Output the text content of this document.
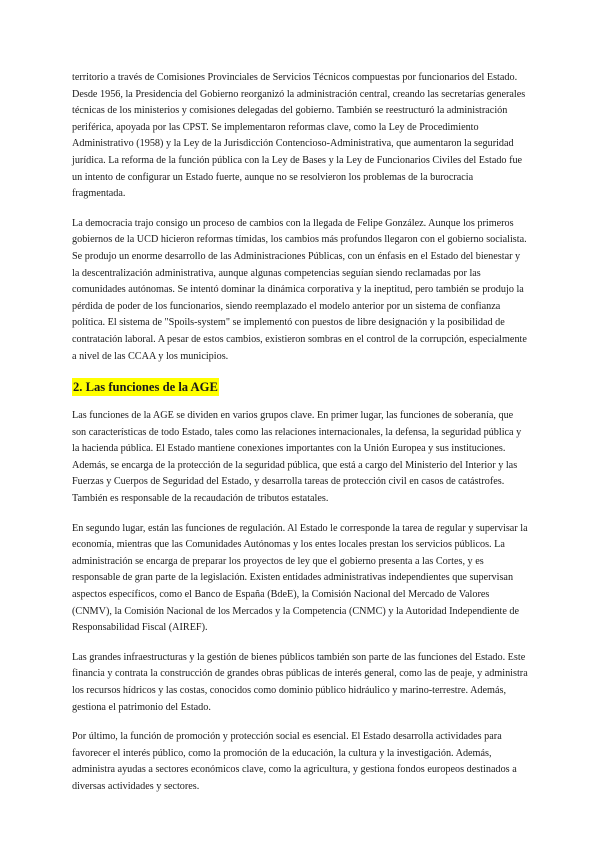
territorio a través de Comisiones Provinciales de Servicios Técnicos compuestas por funcionarios del Estado. Desde 1956, la Presidencia del Gobierno reorganizó la administración central, creando las secretarías generales técnicas de los ministerios y comisiones delegadas del gobierno. También se reestructuró la administración periférica, apoyada por las CPST. Se implementaron reformas clave, como la Ley de Procedimiento Administrativo (1958) y la Ley de la Jurisdicción Contencioso-Administrativa, que aumentaron la seguridad jurídica. La reforma de la función pública con la Ley de Bases y la Ley de Funcionarios Civiles del Estado fue un intento de configurar un Estado fuerte, aunque no se resolvieron los problemas de la burocracia fragmentada.

La democracia trajo consigo un proceso de cambios con la llegada de Felipe González. Aunque los primeros gobiernos de la UCD hicieron reformas tímidas, los cambios más profundos llegaron con el gobierno socialista. Se produjo un enorme desarrollo de las Administraciones Públicas, con un énfasis en el Estado del bienestar y la descentralización administrativa, aunque algunas competencias seguían siendo reclamadas por las comunidades autónomas. Se intentó dominar la dinámica corporativa y la ineptitud, pero también se produjo la pérdida de poder de los funcionarios, siendo reemplazado el modelo anterior por un sistema de confianza política. El sistema de "Spoils-system" se implementó con puestos de libre designación y la posibilidad de contratación laboral. A pesar de estos cambios, existieron sombras en el control de la corrupción, especialmente a nivel de las CCAA y los municipios.

2. Las funciones de la AGE

Las funciones de la AGE se dividen en varios grupos clave. En primer lugar, las funciones de soberanía, que son características de todo Estado, tales como las relaciones internacionales, la defensa, la seguridad pública y la hacienda pública. El Estado mantiene conexiones importantes con la Unión Europea y sus instituciones. Además, se encarga de la protección de la seguridad pública, que está a cargo del Ministerio del Interior y las Fuerzas y Cuerpos de Seguridad del Estado, y desarrolla tareas de protección civil en casos de catástrofes. También es responsable de la recaudación de tributos estatales.

En segundo lugar, están las funciones de regulación. Al Estado le corresponde la tarea de regular y supervisar la economía, mientras que las Comunidades Autónomas y los entes locales prestan los servicios públicos. La administración se encarga de preparar los proyectos de ley que el gobierno presenta a las Cortes, y es responsable de gran parte de la legislación. Existen entidades administrativas independientes que supervisan aspectos específicos, como el Banco de España (BdeE), la Comisión Nacional del Mercado de Valores (CNMV), la Comisión Nacional de los Mercados y la Competencia (CNMC) y la Autoridad Independiente de Responsabilidad Fiscal (AIREF).

Las grandes infraestructuras y la gestión de bienes públicos también son parte de las funciones del Estado. Este financia y contrata la construcción de grandes obras públicas de interés general, como las de peaje, y administra los recursos hídricos y las costas, conocidos como dominio público hidráulico y marino-terrestre. Además, gestiona el patrimonio del Estado.

Por último, la función de promoción y protección social es esencial. El Estado desarrolla actividades para favorecer el interés público, como la promoción de la educación, la cultura y la investigación. Además, administra ayudas a sectores económicos clave, como la agricultura, y gestiona fondos europeos destinados a diversas actividades y sectores.
